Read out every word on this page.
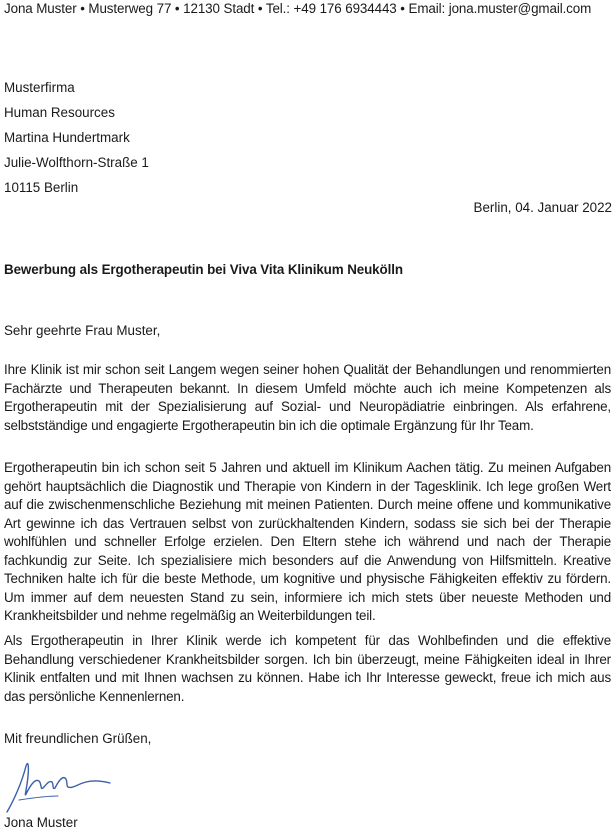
Jona Muster • Musterweg 77 • 12130 Stadt • Tel.: +49 176 6934443 • Email: jona.muster@gmail.com
Musterfirma
Human Resources
Martina Hundertmark
Julie-Wolfthorn-Straße 1
10115 Berlin
Berlin, 04. Januar 2022
Bewerbung als Ergotherapeutin bei Viva Vita Klinikum Neukölln
Sehr geehrte Frau Muster,
Ihre Klinik ist mir schon seit Langem wegen seiner hohen Qualität der Behandlungen und renommierten Fachärzte und Therapeuten bekannt. In diesem Umfeld möchte auch ich meine Kompetenzen als Ergotherapeutin mit der Spezialisierung auf Sozial- und Neuropädiatrie einbringen. Als erfahrene, selbstständige und engagierte Ergotherapeutin bin ich die optimale Ergänzung für Ihr Team.
Ergotherapeutin bin ich schon seit 5 Jahren und aktuell im Klinikum Aachen tätig. Zu meinen Aufgaben gehört hauptsächlich die Diagnostik und Therapie von Kindern in der Tagesklinik. Ich lege großen Wert auf die zwischenmenschliche Beziehung mit meinen Patienten. Durch meine offene und kommunikative Art gewinne ich das Vertrauen selbst von zurückhaltenden Kindern, sodass sie sich bei der Therapie wohlfühlen und schneller Erfolge erzielen. Den Eltern stehe ich während und nach der Therapie fachkundig zur Seite. Ich spezialisiere mich besonders auf die Anwendung von Hilfsmitteln. Kreative Techniken halte ich für die beste Methode, um kognitive und physische Fähigkeiten effektiv zu fördern. Um immer auf dem neuesten Stand zu sein, informiere ich mich stets über neueste Methoden und Krankheitsbilder und nehme regelmäßig an Weiterbildungen teil.
Als Ergotherapeutin in Ihrer Klinik werde ich kompetent für das Wohlbefinden und die effektive Behandlung verschiedener Krankheitsbilder sorgen. Ich bin überzeugt, meine Fähigkeiten ideal in Ihrer Klinik entfalten und mit Ihnen wachsen zu können. Habe ich Ihr Interesse geweckt, freue ich mich aus das persönliche Kennenlernen.
Mit freundlichen Grüßen,
Jona Muster
